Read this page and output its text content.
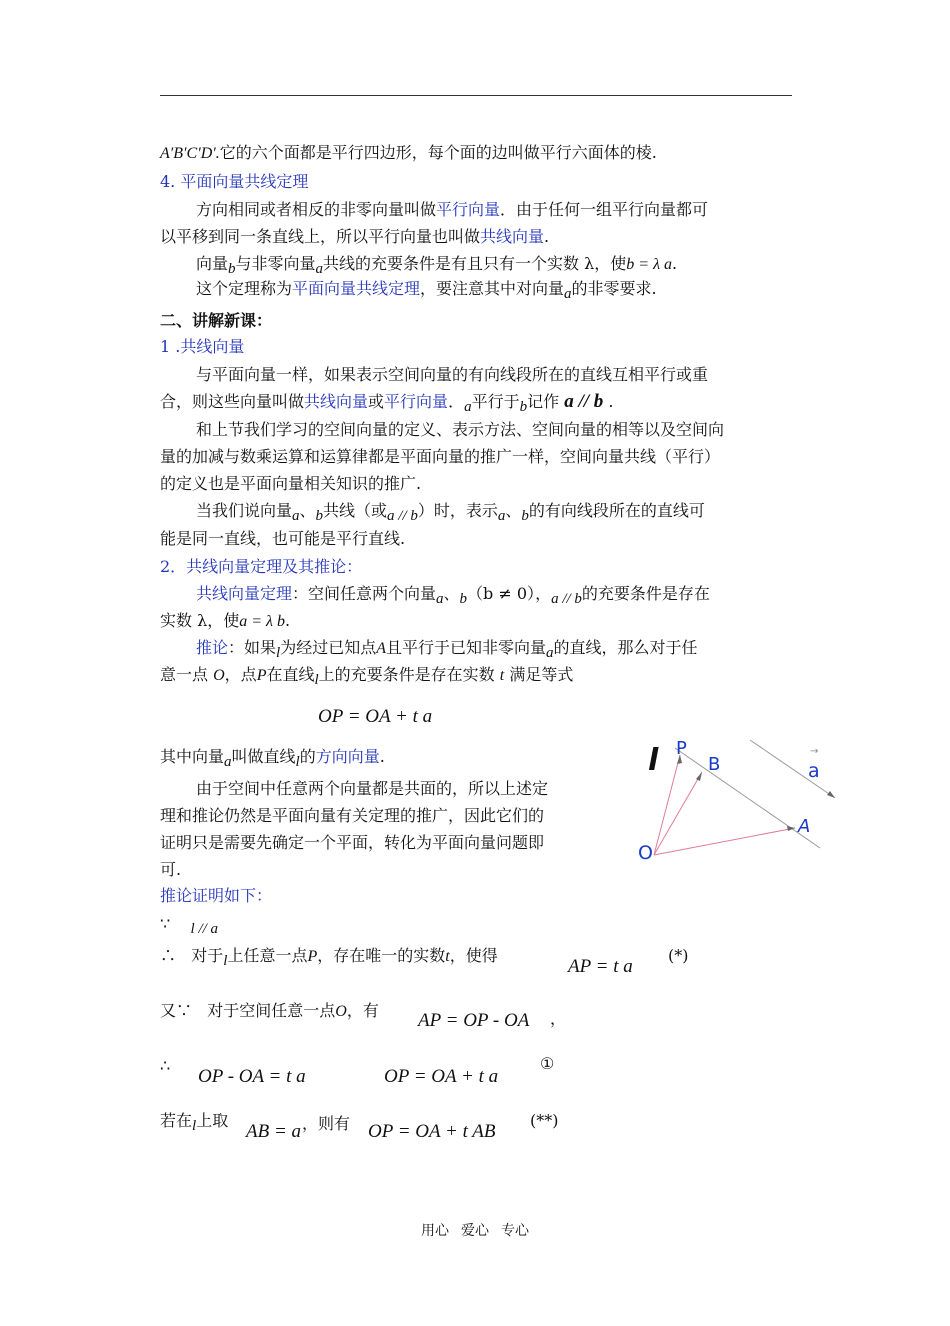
A′B′C′D′.它的六个面都是平行四边形，每个面的边叫做平行六面体的棱.
4. 平面向量共线定理
方向相同或者相反的非零向量叫做平行向量．由于任何一组平行向量都可
以平移到同一条直线上，所以平行向量也叫做共线向量.
向量b与非零向量a共线的充要条件是有且只有一个实数 λ，使b = λ a.
这个定理称为平面向量共线定理，要注意其中对向量a的非零要求.
二、讲解新课：
1 .共线向量
与平面向量一样，如果表示空间向量的有向线段所在的直线互相平行或重
合，则这些向量叫做共线向量或平行向量．a平行于b记作 a // b .
和上节我们学习的空间向量的定义、表示方法、空间向量的相等以及空间向
量的加减与数乘运算和运算律都是平面向量的推广一样，空间向量共线（平行）
的定义也是平面向量相关知识的推广.
当我们说向量a、b共线（或a // b）时，表示a、b的有向线段所在的直线可
能是同一直线，也可能是平行直线.
2．共线向量定理及其推论：
共线向量定理：空间任意两个向量a、b（b ≠ 0），a // b的充要条件是存在
实数 λ，使a = λ b.
推论：如果l为经过已知点A且平行于已知非零向量a的直线，那么对于任
意一点 O，点P在直线l上的充要条件是存在实数 t 满足等式
OP = OA + t a
其中向量a叫做直线l的方向向量.
由于空间中任意两个向量都是共面的，所以上述定
理和推论仍然是平面向量有关定理的推广，因此它们的
证明只是需要先确定一个平面，转化为平面向量问题即
可.
l P
B
→
a
A
O
推论证明如下：
∵ l // a
∴ 对于l上任意一点P，存在唯一的实数t，使得
AP = t a
(*)
又∵ 对于空间任意一点O，有 AP = OP - OA ，
∴
OP - OA = t a	OP = OA + t a
①
若在l上取
AB = a ，则有 OP = OA + t AB
(**)
用心 爱心 专心
